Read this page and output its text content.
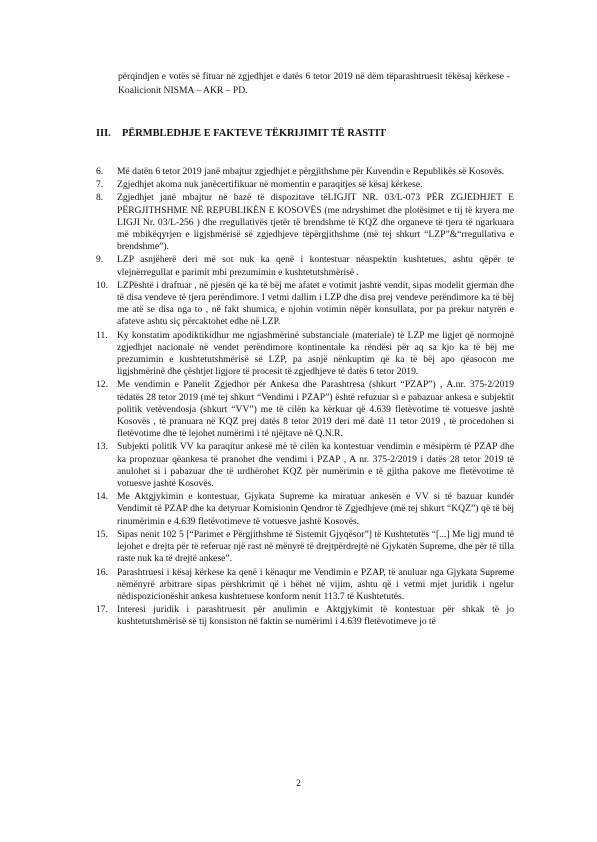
përqindjen e votës së fituar në zgjedhjet e datës 6 tetor 2019 në dëm tëparashtruesit tëkësaj kërkese - Koalicionit NISMA – AKR – PD.

III. PËRMBLEDHJE E FAKTEVE TËKRIJIMIT TË RASTIT
6. Më datën 6 tetor 2019 janë mbajtur zgjedhjet e përgjithshme për Kuvendin e Republikës së Kosovës.
7. Zgjedhjet akoma nuk janëcertifikuar në momentin e paraqitjes së kësaj kërkese.
8. Zgjedhjet janë mbajtur në bazë të dispozitave tëLIGJIT NR. 03/L-073 PËR ZGJEDHJET E PËRGJITHSHME NË REPUBLIKËN E KOSOVËS (me ndryshimet dhe plotësimet e tij të kryera me LIGJI Nr. 03/L-256 ) dhe rregullativës tjetër të brendshme të KQZ dhe organeve të tjera të ngarkuara më mbikëqyrjen e ligjshmërisë së zgjedhjeve tëpërgjithshme (më tej shkurt “LZP”&“rregullativa e brendshme”).
9. LZP asnjëherë deri më sot nuk ka qenë i kontestuar nëaspektin kushtetues, ashtu qëpër te vlejnërregullat e parimit mbi prezumimin e kushtetutshmërisë .
10. LZPështë i draftuar , në pjesën që ka të bëj me afatet e votimit jashtë vendit, sipas modelit gjerman dhe të disa vendeve të tjera perëndimore. I vetmi dallim i LZP dhe disa prej vendeve perëndimore ka të bëj me atë se disa nga to , në fakt shumica, e njohin votimin nëpër konsullata, por pa prekur natyrën e afateve ashtu siç përcaktohet edhe në LZP.
11. Ky konstatim apodiktikidhur me ngjashmërinë substanciale (materiale) të LZP me ligjet që normojnë zgjedhjet nacionale në vendet perëndimore kontinentale ka rëndësi për aq sa kjo ka të bëj me prezumimin e kushtetutshmërisë së LZP, pa asnjë nënkuptim që ka të bëj apo qëasocon me ligjshmërinë dhe çështjet ligjore të procesit të zgjedhjeve të datës 6 tetor 2019.
12. Me vendimin e Panelit Zgjedhor për Ankesa dhe Parashtresa (shkurt “PZAP”) , A.nr. 375-2/2019 tëdatës 28 tetor 2019 (më tej shkurt “Vendimi i PZAP”) është refuzuar si e pabazuar ankesa e subjektit politik vetëvendosja (shkurt “VV”) me të cilën ka kërkuar që 4.639 fletëvotime të votuesve jashtë Kosovës , të pranuara në KQZ prej datës 8 tetor 2019 deri më datë 11 tetor 2019 , të procedohen si fletëvotime dhe të lejohet numërimi i të njëjtave në Q.N.R.
13. Subjekti politik VV ka paraqitur ankesë më të cilën ka kontestuar vendimin e mësipërm të PZAP dhe ka propozuar qëankesa të pranohet dhe vendimi i PZAP , A nr. 375-2/2019 i datës 28 tetor 2019 të anulohet si i pabazuar dhe të urdhërohet KQZ për numërimin e të gjitha pakove me fletëvotime të votuesve jashtë Kosovës.
14. Me Aktgjykimin e kontestuar, Gjykata Supreme ka miratuar ankesën e VV si të bazuar kundër Vendimit të PZAP dhe ka detyruar Komisionin Qendror të Zgjedhjeve (më tej shkurt “KQZ”) që të bëj rinumërimin e 4.639 fletëvotimeve të votuesve jashtë Kosovës.
15. Sipas nenit 102 5 [“Parimet e Përgjithshme të Sistemit Gjyqësor”] të Kushtetutës “[...] Me ligj mund të lejohet e drejta për të referuar një rast në mënyrë të drejtpërdrejtë në Gjykatën Supreme, dhe për të tilla raste nuk ka të drejtë ankese”.
16. Parashtruesi i kësaj kërkese ka qenë i kënaqur me Vendimin e PZAP, të anuluar nga Gjykata Supreme nëmënyrë arbitrare sipas përshkrimit që i bëhet në vijim, ashtu që i vetmi mjet juridik i ngelur nëdispozicionëshit ankesa kushtetuese konform nenit 113.7 të Kushtetutës.
17. Interesi juridik i parashtruesit për anulimin e Aktgjykimit të kontestuar për shkak të jo kushtetutshmërisë së tij konsiston në faktin se numërimi i 4.639 fletëvotimeve jo të
2
